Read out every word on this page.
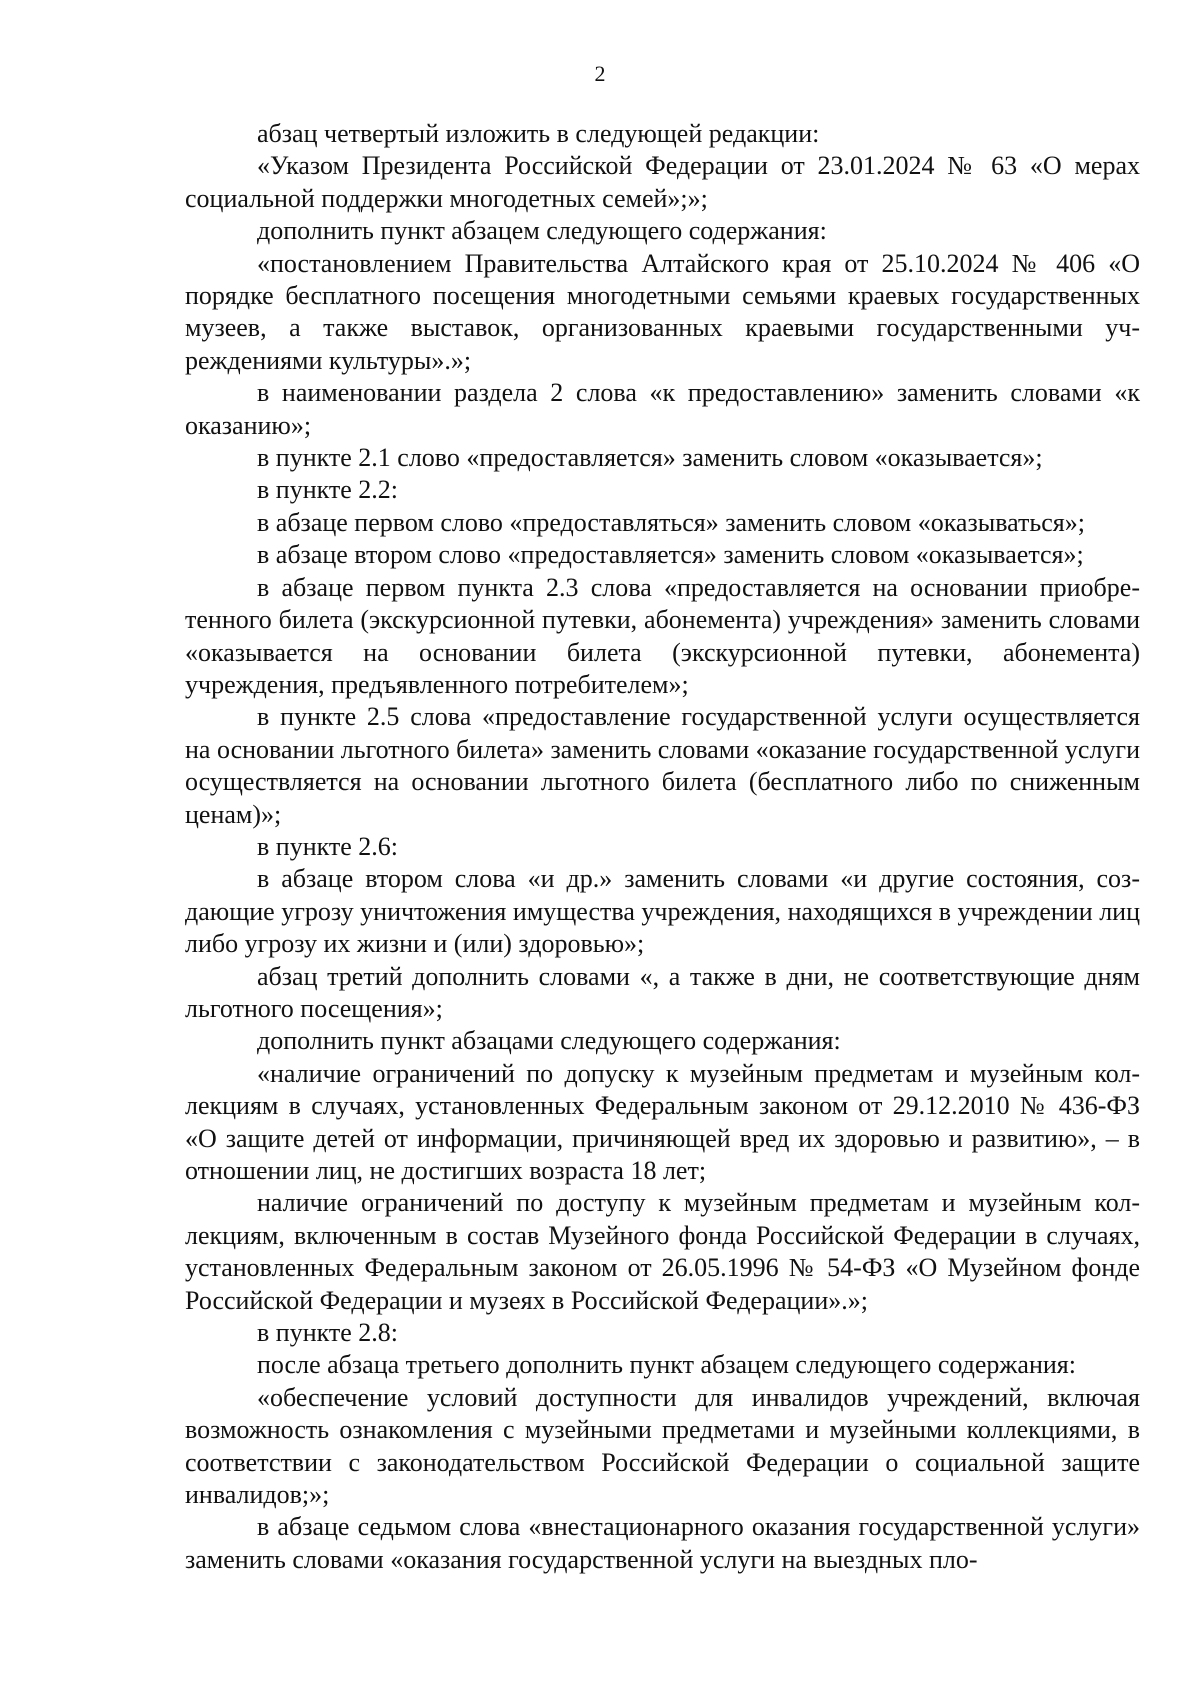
2

абзац четвертый изложить в следующей редакции:

«Указом Президента Российской Федерации от 23.01.2024 № 63 «О мерах социальной поддержки многодетных семей»;»;

дополнить пункт абзацем следующего содержания:

«постановлением Правительства Алтайского края от 25.10.2024 № 406 «О порядке бесплатного посещения многодетными семьями краевых государственных музеев, а также выставок, организованных краевыми государственными учреждениями культуры».»;

в наименовании раздела 2 слова «к предоставлению» заменить словами «к оказанию»;

в пункте 2.1 слово «предоставляется» заменить словом «оказывается»;

в пункте 2.2:

в абзаце первом слово «предоставляться» заменить словом «оказываться»;

в абзаце втором слово «предоставляется» заменить словом «оказывается»;

в абзаце первом пункта 2.3 слова «предоставляется на основании приобретенного билета (экскурсионной путевки, абонемента) учреждения» заменить словами «оказывается на основании билета (экскурсионной путевки, абонемента) учреждения, предъявленного потребителем»;

в пункте 2.5 слова «предоставление государственной услуги осуществляется на основании льготного билета» заменить словами «оказание государственной услуги осуществляется на основании льготного билета (бесплатного либо по сниженным ценам)»;

в пункте 2.6:

в абзаце втором слова «и др.» заменить словами «и другие состояния, создающие угрозу уничтожения имущества учреждения, находящихся в учреждении лиц либо угрозу их жизни и (или) здоровью»;

абзац третий дополнить словами «, а также в дни, не соответствующие дням льготного посещения»;

дополнить пункт абзацами следующего содержания:

«наличие ограничений по допуску к музейным предметам и музейным коллекциям в случаях, установленных Федеральным законом от 29.12.2010 № 436-ФЗ «О защите детей от информации, причиняющей вред их здоровью и развитию», – в отношении лиц, не достигших возраста 18 лет;

наличие ограничений по доступу к музейным предметам и музейным коллекциям, включенным в состав Музейного фонда Российской Федерации в случаях, установленных Федеральным законом от 26.05.1996 № 54-ФЗ «О Музейном фонде Российской Федерации и музеях в Российской Федерации».»;

в пункте 2.8:

после абзаца третьего дополнить пункт абзацем следующего содержания:

«обеспечение условий доступности для инвалидов учреждений, включая возможность ознакомления с музейными предметами и музейными коллекциями, в соответствии с законодательством Российской Федерации о социальной защите инвалидов;»;

в абзаце седьмом слова «внестационарного оказания государственной услуги» заменить словами «оказания государственной услуги на выездных пло-
